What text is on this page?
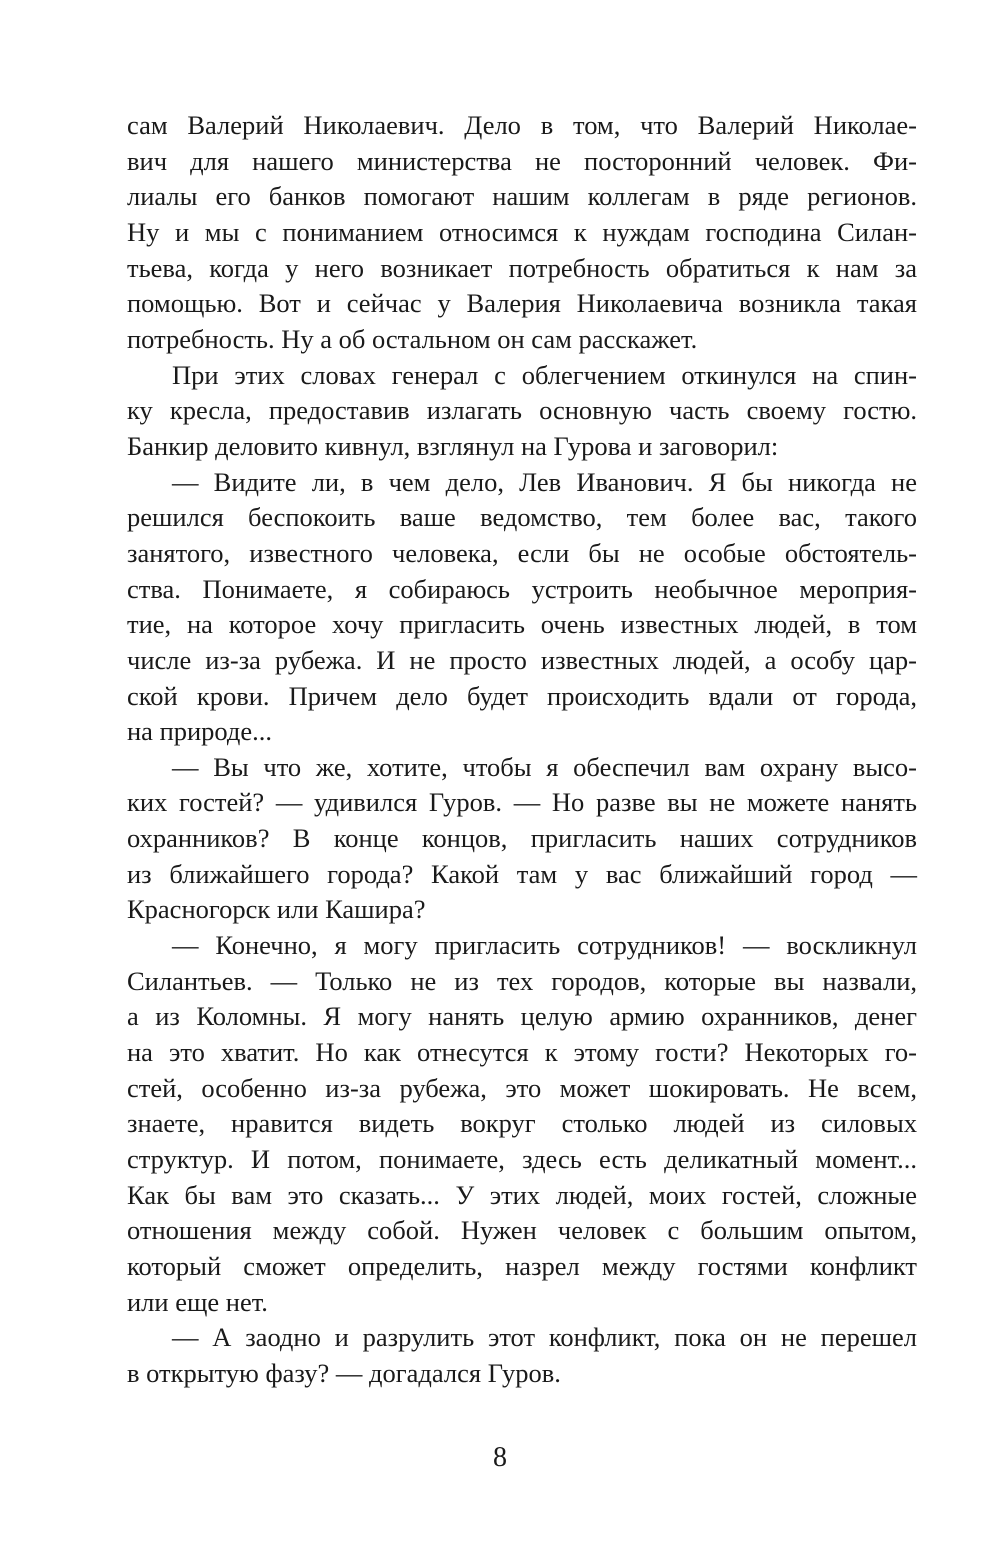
сам Валерий Николаевич. Дело в том, что Валерий Николае-
вич для нашего министерства не посторонний человек. Фи-
лиалы его банков помогают нашим коллегам в ряде регионов.
Ну и мы с пониманием относимся к нуждам господина Силан-
тьева, когда у него возникает потребность обратиться к нам за
помощью. Вот и сейчас у Валерия Николаевича возникла такая
потребность. Ну а об остальном он сам расскажет.
При этих словах генерал с облегчением откинулся на спин-
ку кресла, предоставив излагать основную часть своему гостю.
Банкир деловито кивнул, взглянул на Гурова и заговорил:
— Видите ли, в чем дело, Лев Иванович. Я бы никогда не
решился беспокоить ваше ведомство, тем более вас, такого
занятого, известного человека, если бы не особые обстоятель-
ства. Понимаете, я собираюсь устроить необычное мероприя-
тие, на которое хочу пригласить очень известных людей, в том
числе из-за рубежа. И не просто известных людей, а особу цар-
ской крови. Причем дело будет происходить вдали от города,
на природе...
— Вы что же, хотите, чтобы я обеспечил вам охрану высо-
ких гостей? — удивился Гуров. — Но разве вы не можете нанять
охранников? В конце концов, пригласить наших сотрудников
из ближайшего города? Какой там у вас ближайший город —
Красногорск или Кашира?
— Конечно, я могу пригласить сотрудников! — воскликнул
Силантьев. — Только не из тех городов, которые вы назвали,
а из Коломны. Я могу нанять целую армию охранников, денег
на это хватит. Но как отнесутся к этому гости? Некоторых го-
стей, особенно из-за рубежа, это может шокировать. Не всем,
знаете, нравится видеть вокруг столько людей из силовых
структур. И потом, понимаете, здесь есть деликатный момент...
Как бы вам это сказать... У этих людей, моих гостей, сложные
отношения между собой. Нужен человек с большим опытом,
который сможет определить, назрел между гостями конфликт
или еще нет.
— А заодно и разрулить этот конфликт, пока он не перешел
в открытую фазу? — догадался Гуров.
8
